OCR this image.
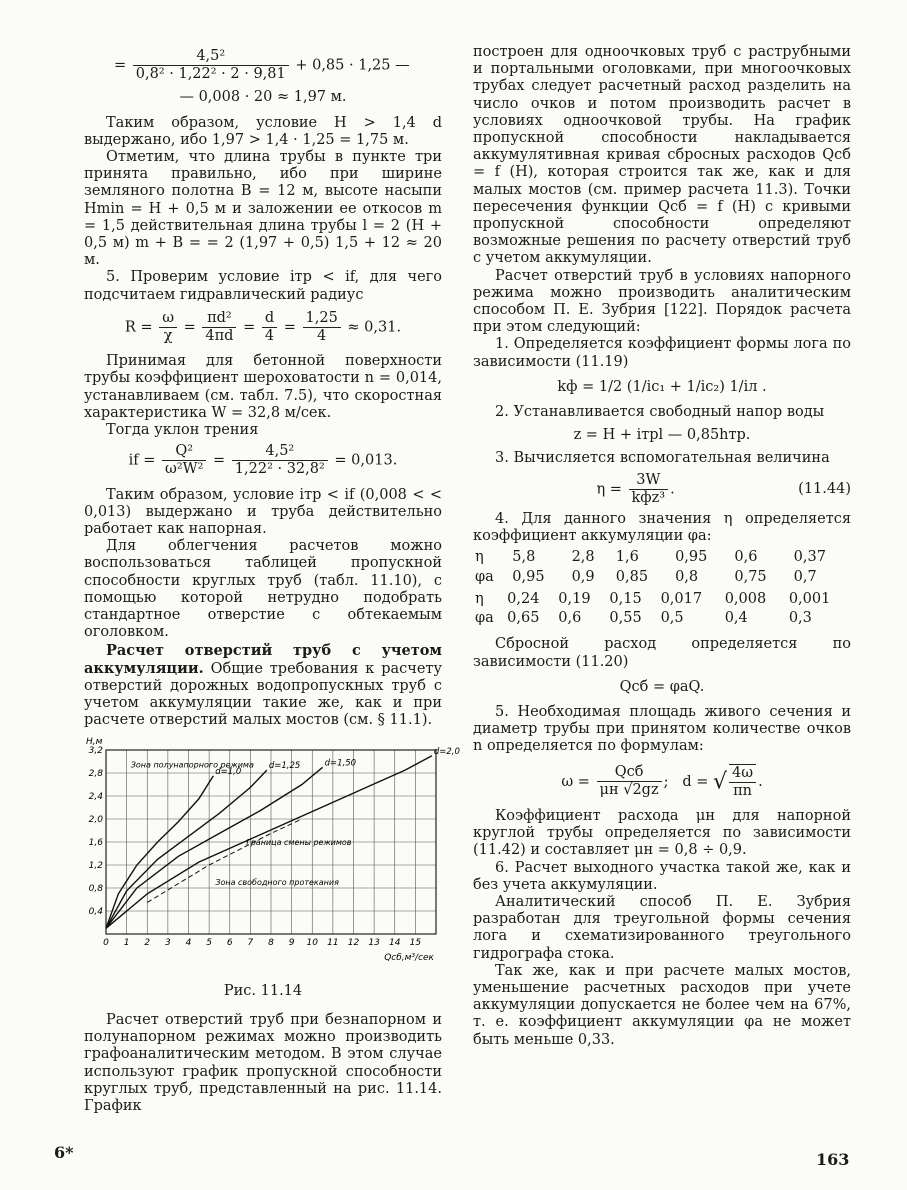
= $\frac{\text{4,5²}}{\text{0,8² · 1,22² · 2 · 9,81}} + 0,85 \cdot 1,25$ —
— 0,008 · 20 ≈ 1,97 м.

Таким образом, условие H > 1,4 d выдержано, ибо 1,97 > 1,4 · 1,25 = 1,75 м.

Отметим, что длина трубы в пункте три принята правильно, ибо при ширине земляного полотна B = 12 м, высоте насыпи Hmin = H + 0,5 м и заложении ее откосов m = 1,5 действительная длина трубы l = 2 (H + 0,5 м) m + B = = 2 (1,97 + 0,5) 1,5 + 12 ≈ 20 м.

5. Проверим условие iтр < if, для чего подсчитаем гидравлический радиус

$R = \frac{\omega}{\chi} = \frac{\text{πd²}}{4\pi d} = \frac{d}{4} = \frac{1,25}{4} \approx 0,31$.

Принимая для бетонной поверхности трубы коэффициент шероховатости n = 0,014, устанавливаем (см. табл. 7.5), что скоростная характеристика W = 32,8 м/сек.

Тогда уклон трения

if = $\frac{\text{Q²}}{\text{ω²W²}} = \frac{\text{4,5²}}{\text{1,22² · 32,8²}} = 0,013$.

Таким образом, условие iтр < if (0,008 < < 0,013) выдержано и труба действительно работает как напорная.

Для облегчения расчетов можно воспользоваться таблицей пропускной способности круглых труб (табл. 11.10), с помощью которой нетрудно подобрать стандартное отверстие с обтекаемым оголовком.

Расчет отверстий труб с учетом аккумуляции. Общие требования к расчету отверстий дорожных водопропускных труб с учетом аккумуляции такие же, как и при расчете отверстий малых мостов (см. § 11.1).

0,4
0,8
1,2
1,6
2,0
2,4
2,8
3,2
0 1 2 3 4 5 6 7 8 9 10 11 12 13 14 15
H,м
Qсб,м³/сек
d=1,0
d=1,25	d=1,50
d=2,0
Зона полунапорного режима
Зона свободного протекания
Граница смены режимов
Рис. 11.14

Расчет отверстий труб при безнапорном и полунапорном режимах можно производить графоаналитическим методом. В этом случае используют график пропускной способности круглых труб, представленный на рис. 11.14. График

построен для одноочковых труб с раструбными и портальными оголовками, при многоочковых трубах следует расчетный расход разделить на число очков и потом производить расчет в условиях одноочковой трубы. На график пропускной способности накладывается аккумулятивная кривая сбросных расходов Qсб = f (H), которая строится так же, как и для малых мостов (см. пример расчета 11.3). Точки пересечения функции Qсб = f (H) с кривыми пропускной способности определяют возможные решения по расчету отверстий труб с учетом аккумуляции.

Расчет отверстий труб в условиях напорного режима можно производить аналитическим способом П. Е. Зубрия [122]. Порядок расчета при этом следующий:

1. Определяется коэффициент формы лога по зависимости (11.19)

kф = 1/2 (1/ic₁ + 1/ic₂) 1/iл .

2. Устанавливается свободный напор воды

z = H + iтрl — 0,85hтр.

3. Вычисляется вспомогательная величина

$\eta = \frac{3W}{\text{kфz³}}$ .	(11.44)

4. Для данного значения η определяется коэффициент аккумуляции φa:

η	5,8	2,8	1,6	0,95	0,6	0,37
φa	0,95	0,9	0,85	0,8	0,75	0,7
η	0,24	0,19	0,15	0,017	0,008	0,001
φa	0,65	0,6	0,55	0,5	0,4	0,3

Сбросной расход определяется по зависимости (11.20)

Qсб = φaQ.

5. Необходимая площадь живого сечения и диаметр трубы при принятом количестве очков n определяется по формулам:

$\omega = \frac{\text{Qсб}}{\mu н √2gz}$ ;   d = √ $\frac{4\omega}{\pi n}$ .

Коэффициент расхода μн для напорной круглой трубы определяется по зависимости (11.42) и составляет μн = 0,8 ÷ 0,9.

6. Расчет выходного участка такой же, как и без учета аккумуляции.

Аналитический способ П. Е. Зубрия разработан для треугольной формы сечения лога и схематизированного треугольного гидрографа стока.

Так же, как и при расчете малых мостов, уменьшение расчетных расходов при учете аккумуляции допускается не более чем на 67%, т. е. коэффициент аккумуляции φa не может быть меньше 0,33.

6*	163
